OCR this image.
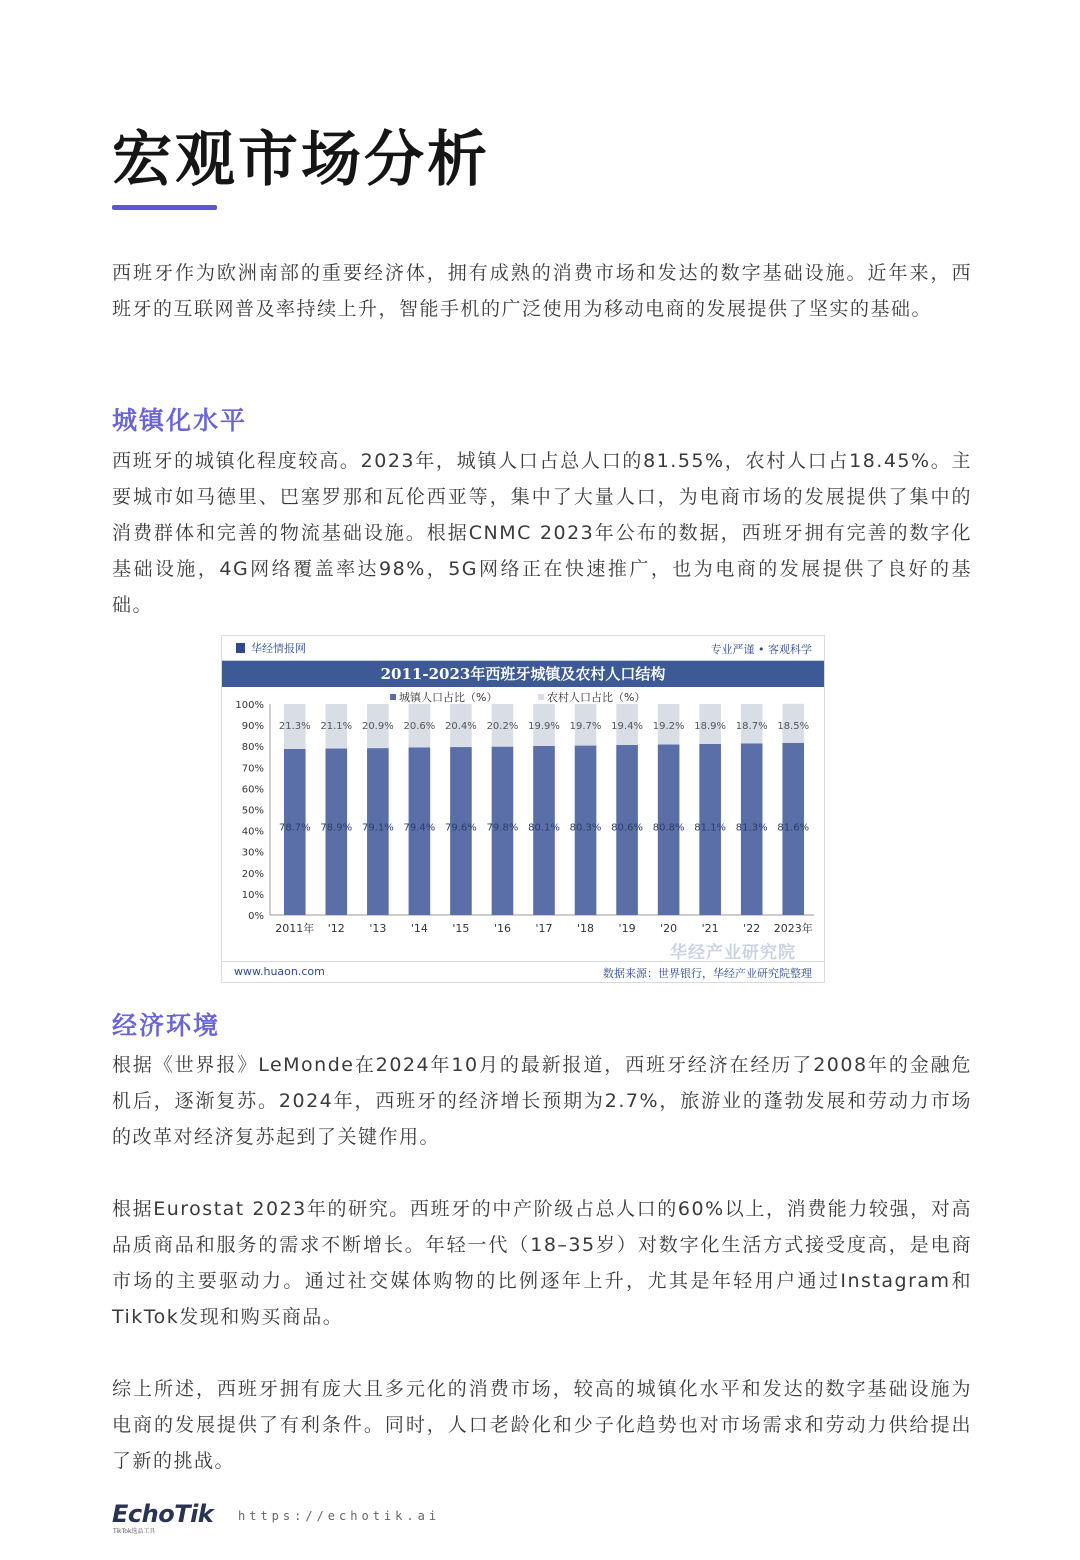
宏观市场分析

西班牙作为欧洲南部的重要经济体，拥有成熟的消费市场和发达的数字基础设施。近年来，西班牙的互联网普及率持续上升，智能手机的广泛使用为移动电商的发展提供了坚实的基础。

城镇化水平

西班牙的城镇化程度较高。2023年，城镇人口占总人口的81.55%，农村人口占18.45%。主要城市如马德里、巴塞罗那和瓦伦西亚等，集中了大量人口，为电商市场的发展提供了集中的消费群体和完善的物流基础设施。根据CNMC 2023年公布的数据，西班牙拥有完善的数字化基础设施，4G网络覆盖率达98%，5G网络正在快速推广，也为电商的发展提供了良好的基础。

华经情报网	专业严谨 • 客观科学
2011-2023年西班牙城镇及农村人口结构
城镇人口占比（%）	农村人口占比（%）
0%
10%
20%
30%
40%
50%
60%
70%
80%
90%
100%
78.7%
21.3%
2011年
78.9%
21.1%
'12
79.1%
20.9%
'13
79.4%
20.6%
'14
79.6%
20.4%
'15
79.8%
20.2%
'16
80.1%
19.9%
'17
80.3%
19.7%
'18
80.6%
19.4%
'19
80.8%
19.2%
'20
81.1%
18.9%
'21
81.3%
18.7%
'22
81.6%
18.5%
2023年
华经产业研究院
www.huaon.com	数据来源：世界银行，华经产业研究院整理
经济环境

根据《世界报》LeMonde在2024年10月的最新报道，西班牙经济在经历了2008年的金融危机后，逐渐复苏。2024年，西班牙的经济增长预期为2.7%，旅游业的蓬勃发展和劳动力市场的改革对经济复苏起到了关键作用。

根据Eurostat 2023年的研究。西班牙的中产阶级占总人口的60%以上，消费能力较强，对高品质商品和服务的需求不断增长。年轻一代（18–35岁）对数字化生活方式接受度高，是电商市场的主要驱动力。通过社交媒体购物的比例逐年上升，尤其是年轻用户通过Instagram和TikTok发现和购买商品。

综上所述，西班牙拥有庞大且多元化的消费市场，较高的城镇化水平和发达的数字基础设施为电商的发展提供了有利条件。同时，人口老龄化和少子化趋势也对市场需求和劳动力供给提出了新的挑战。

EchoTik
TikTok选品工具
https://echotik.ai
